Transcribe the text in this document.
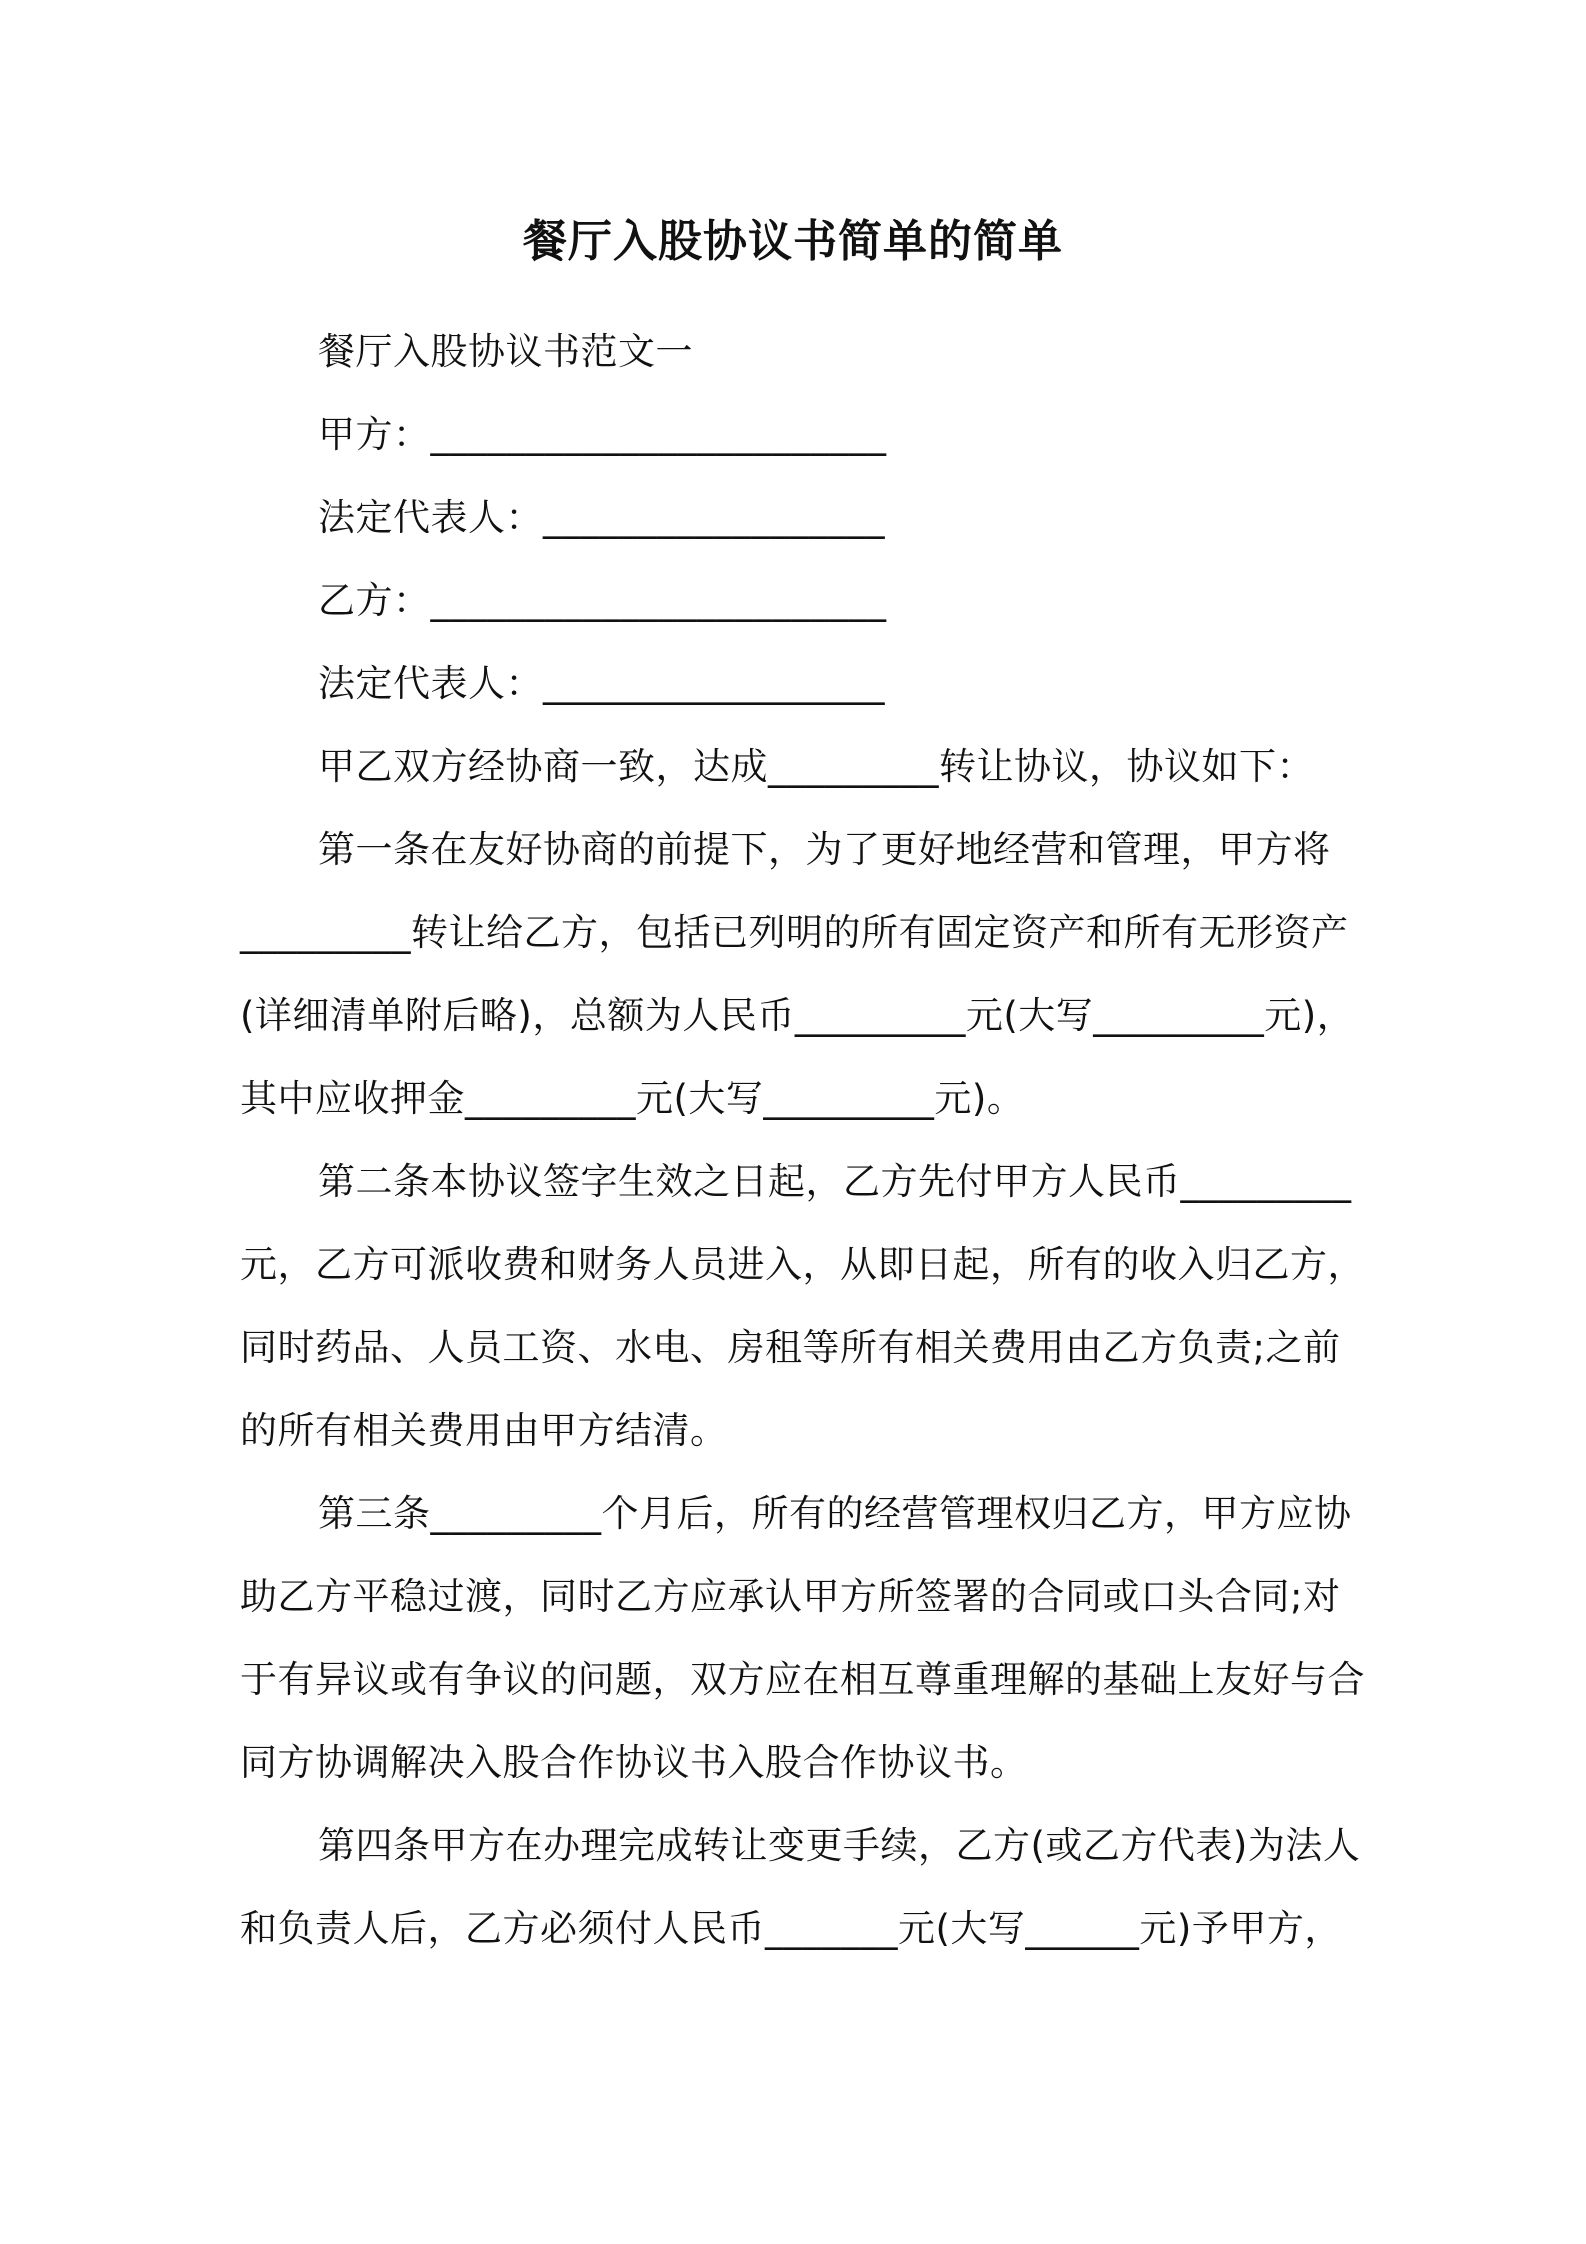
餐厅入股协议书简单的简单
餐厅入股协议书范文一
甲方：________________________
法定代表人：__________________
乙方：________________________
法定代表人：__________________
甲乙双方经协商一致，达成_________转让协议，协议如下：
第一条在友好协商的前提下，为了更好地经营和管理，甲方将
_________转让给乙方，包括已列明的所有固定资产和所有无形资产
(详细清单附后略)，总额为人民币_________元(大写_________元)，
其中应收押金_________元(大写_________元)。
第二条本协议签字生效之日起，乙方先付甲方人民币_________
元，乙方可派收费和财务人员进入，从即日起，所有的收入归乙方，
同时药品、人员工资、水电、房租等所有相关费用由乙方负责;之前
的所有相关费用由甲方结清。
第三条_________个月后，所有的经营管理权归乙方，甲方应协
助乙方平稳过渡，同时乙方应承认甲方所签署的合同或口头合同;对
于有异议或有争议的问题，双方应在相互尊重理解的基础上友好与合
同方协调解决入股合作协议书入股合作协议书。
第四条甲方在办理完成转让变更手续，乙方(或乙方代表)为法人
和负责人后，乙方必须付人民币_______元(大写______元)予甲方，
